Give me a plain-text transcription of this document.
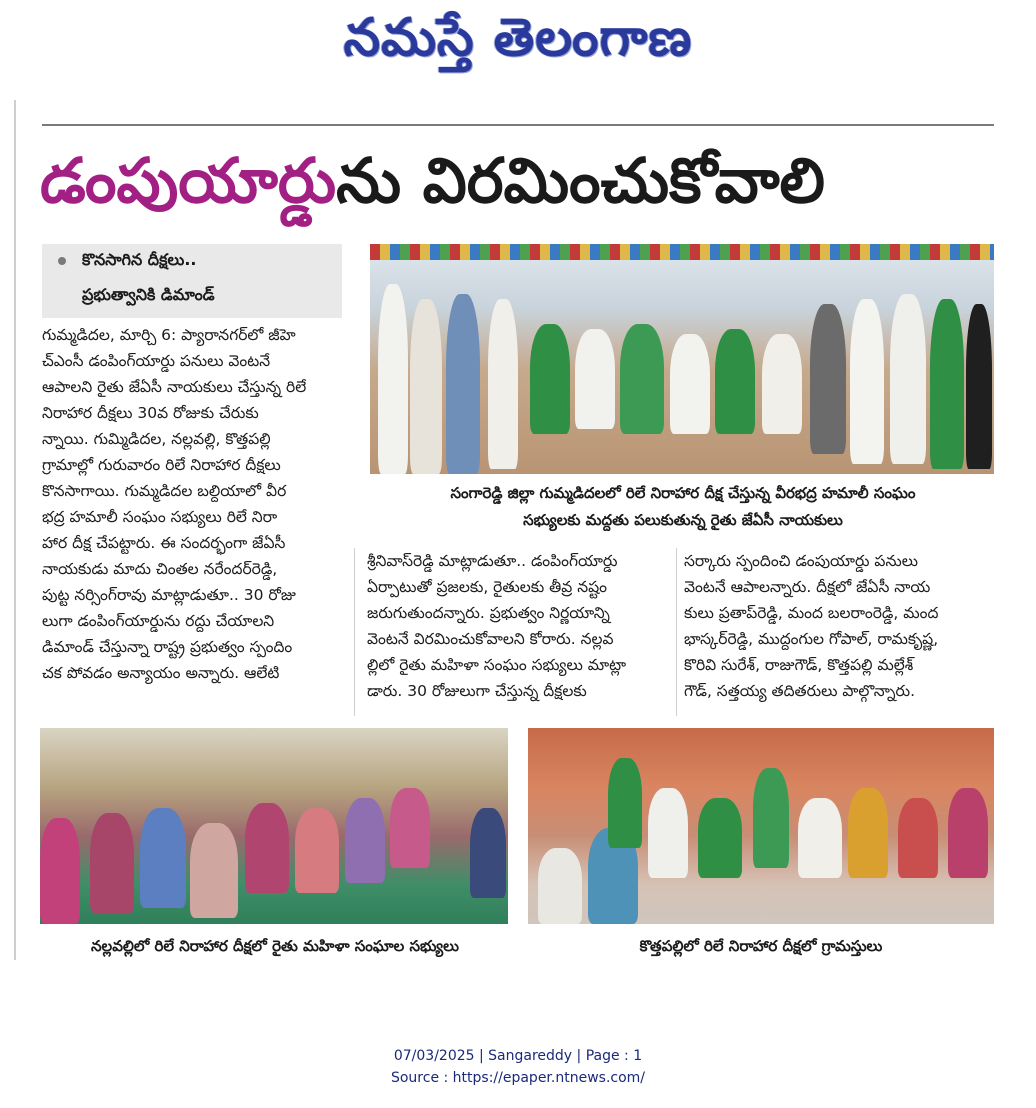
నమస్తే తెలంగాణ
డంపుయార్డును విరమించుకోవాలి
కొనసాగిన దీక్షలు..
ప్రభుత్వానికి డిమాండ్
గుమ్మడిదల, మార్చి 6: ప్యారానగర్‌లో జీహె
చ్‌ఎంసీ డంపింగ్‌యార్డు పనులు వెంటనే
ఆపాలని రైతు జేఏసీ నాయకులు చేస్తున్న రిలే
నిరాహార దీక్షలు 30వ రోజుకు చేరుకు
న్నాయి. గుమ్మిడిదల, నల్లవల్లి, కొత్తపల్లి
గ్రామాల్లో గురువారం రిలే నిరాహార దీక్షలు
కొనసాగాయి. గుమ్మడిదల బల్దియాలో వీర
భద్ర హమాలీ సంఘం సభ్యులు రిలే నిరా
హార దీక్ష చేపట్టారు. ఈ సందర్భంగా జేఏసీ
నాయకుడు మాదు చింతల నరేందర్‌రెడ్డి,
పుట్ట నర్సింగ్‌రావు మాట్లాడుతూ.. 30 రోజు
లుగా డంపింగ్‌యార్డును రద్దు చేయాలని
డిమాండ్ చేస్తున్నా రాష్ట్ర ప్రభుత్వం స్పందిం
చక పోవడం అన్యాయం అన్నారు. ఆలేటి
సంగారెడ్డి జిల్లా గుమ్మడిదలలో రిలే నిరాహార దీక్ష చేస్తున్న వీరభద్ర హమాలీ సంఘం
సభ్యులకు మద్దతు పలుకుతున్న రైతు జేఏసీ నాయకులు
శ్రీనివాస్‌రెడ్డి మాట్లాడుతూ.. డంపింగ్‌యార్డు
ఏర్పాటుతో ప్రజలకు, రైతులకు తీవ్ర నష్టం
జరుగుతుందన్నారు. ప్రభుత్వం నిర్ణయాన్ని
వెంటనే విరమించుకోవాలని కోరారు. నల్లవ
ల్లిలో రైతు మహిళా సంఘం సభ్యులు మాట్లా
డారు. 30 రోజులుగా చేస్తున్న దీక్షలకు
సర్కారు స్పందించి డంపుయార్డు పనులు
వెంటనే ఆపాలన్నారు. దీక్షలో జేఏసీ నాయ
కులు ప్రతాప్‌రెడ్డి, మంద బలరాంరెడ్డి, మంద
భాస్కర్‌రెడ్డి, ముద్దంగుల గోపాల్, రామకృష్ణ,
కొరివి సురేశ్, రాజుగౌడ్, కొత్తపల్లి మల్లేశ్
గౌడ్, సత్తయ్య తదితరులు పాల్గొన్నారు.
నల్లవల్లిలో రిలే నిరాహార దీక్షలో రైతు మహిళా సంఘాల సభ్యులు	కొత్తపల్లిలో రిలే నిరాహార దీక్షలో గ్రామస్తులు
07/03/2025 | Sangareddy | Page : 1
Source : https://epaper.ntnews.com/
